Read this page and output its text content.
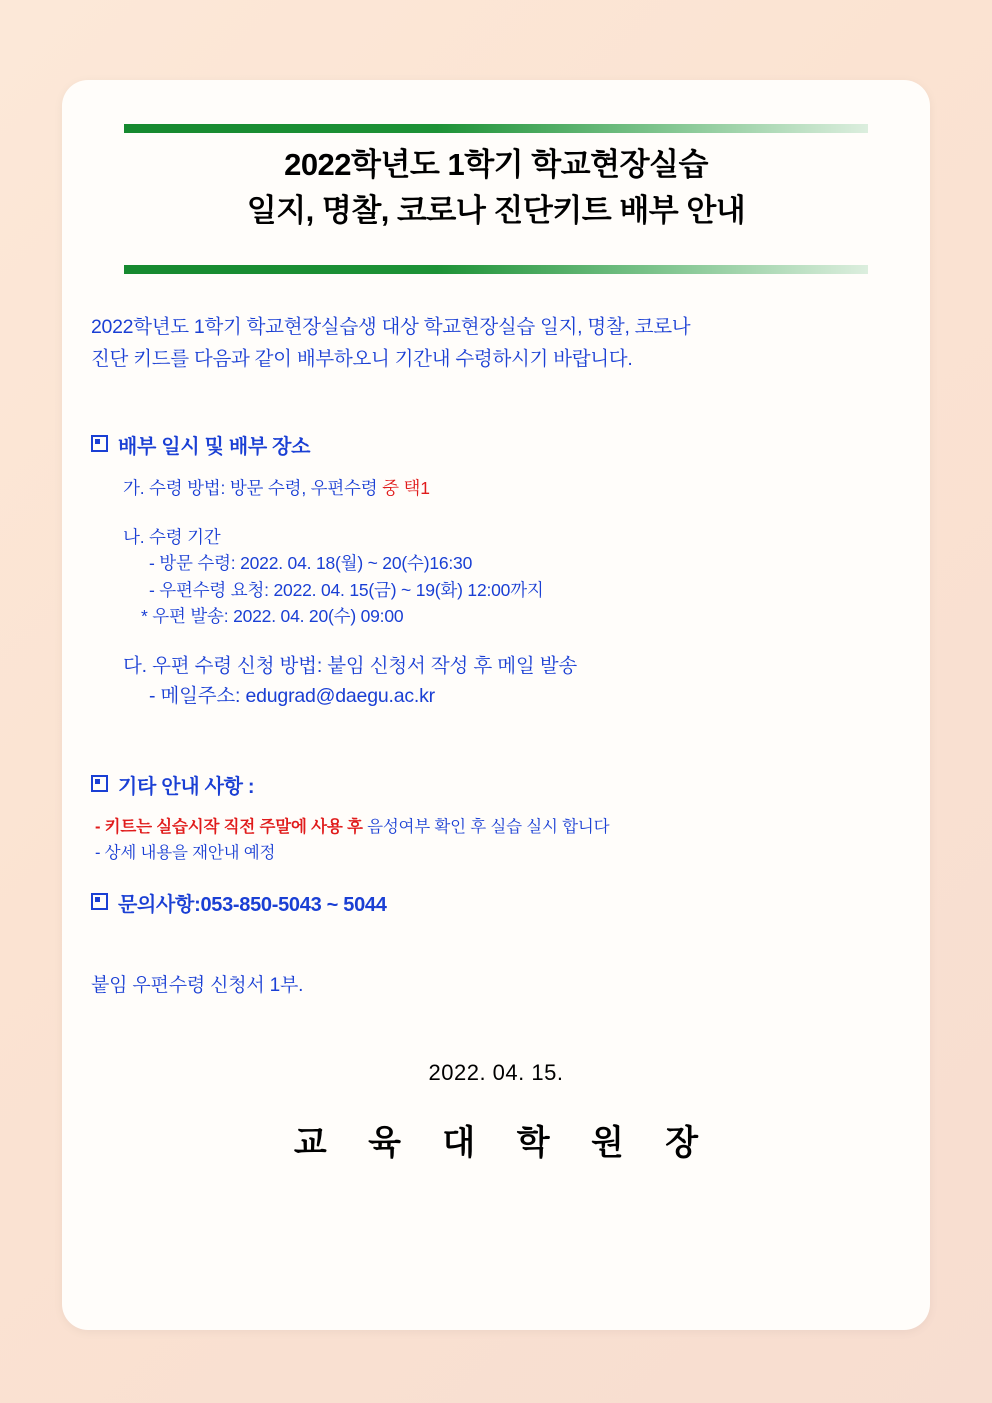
2022학년도 1학기 학교현장실습
일지, 명찰, 코로나 진단키트 배부 안내
2022학년도 1학기 학교현장실습생 대상 학교현장실습 일지, 명찰, 코로나
진단 키드를 다음과 같이 배부하오니 기간내 수령하시기 바랍니다.
배부 일시 및 배부 장소
가. 수령 방법: 방문 수령, 우편수령 중 택1
나. 수령 기간
- 방문 수령: 2022. 04. 18(월) ~ 20(수)16:30
- 우편수령 요청: 2022. 04. 15(금) ~ 19(화) 12:00까지
* 우편 발송: 2022. 04. 20(수) 09:00
다. 우편 수령 신청 방법: 붙임 신청서 작성 후 메일 발송
- 메일주소: edugrad@daegu.ac.kr
기타 안내 사항 :
- 키트는 실습시작 직전 주말에 사용 후 음성여부 확인 후 실습 실시 합니다
- 상세 내용을 재안내 예정
문의사항:053-850-5043 ~ 5044
붙임 우편수령 신청서 1부.
2022. 04. 15.
교 육 대 학 원 장
